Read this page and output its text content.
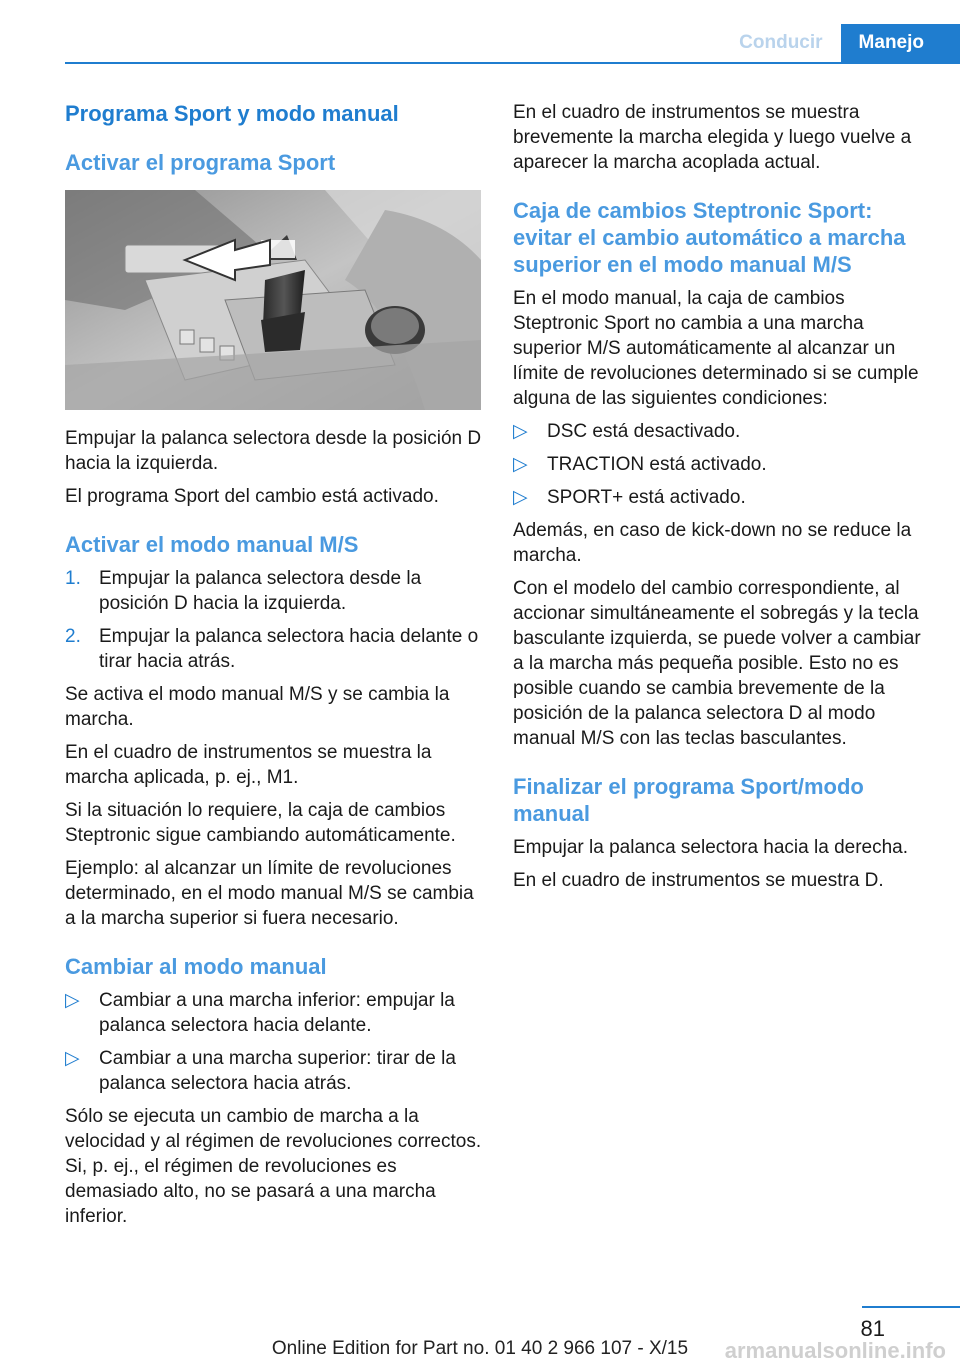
Conducir	Manejo
Programa Sport y modo manual
Activar el programa Sport

Empujar la palanca selectora desde la posición D hacia la izquierda.

El programa Sport del cambio está activado.

Activar el modo manual M/S
1. Empujar la palanca selectora desde la posición D hacia la izquierda.
2. Empujar la palanca selectora hacia delante o tirar hacia atrás.

Se activa el modo manual M/S y se cambia la marcha.

En el cuadro de instrumentos se muestra la marcha aplicada, p. ej., M1.

Si la situación lo requiere, la caja de cambios Steptronic sigue cambiando automáticamente.

Ejemplo: al alcanzar un límite de revoluciones determinado, en el modo manual M/S se cambia a la marcha superior si fuera necesario.

Cambiar al modo manual
▷ Cambiar a una marcha inferior: empujar la palanca selectora hacia delante.
▷ Cambiar a una marcha superior: tirar de la palanca selectora hacia atrás.

Sólo se ejecuta un cambio de marcha a la velocidad y al régimen de revoluciones correctos. Si, p. ej., el régimen de revoluciones es demasiado alto, no se pasará a una marcha inferior.

En el cuadro de instrumentos se muestra brevemente la marcha elegida y luego vuelve a aparecer la marcha acoplada actual.

Caja de cambios Steptronic Sport: evitar el cambio automático a marcha superior en el modo manual M/S

En el modo manual, la caja de cambios Steptronic Sport no cambia a una marcha superior M/S automáticamente al alcanzar un límite de revoluciones determinado si se cumple alguna de las siguientes condiciones:

▷ DSC está desactivado.
▷ TRACTION está activado.
▷ SPORT+ está activado.

Además, en caso de kick-down no se reduce la marcha.

Con el modelo del cambio correspondiente, al accionar simultáneamente el sobregás y la tecla basculante izquierda, se puede volver a cambiar a la marcha más pequeña posible. Esto no es posible cuando se cambia brevemente de la posición de la palanca selectora D al modo manual M/S con las teclas basculantes.

Finalizar el programa Sport/modo manual

Empujar la palanca selectora hacia la derecha.

En el cuadro de instrumentos se muestra D.

81
Online Edition for Part no. 01 40 2 966 107 - X/15	armanualsonline.info
